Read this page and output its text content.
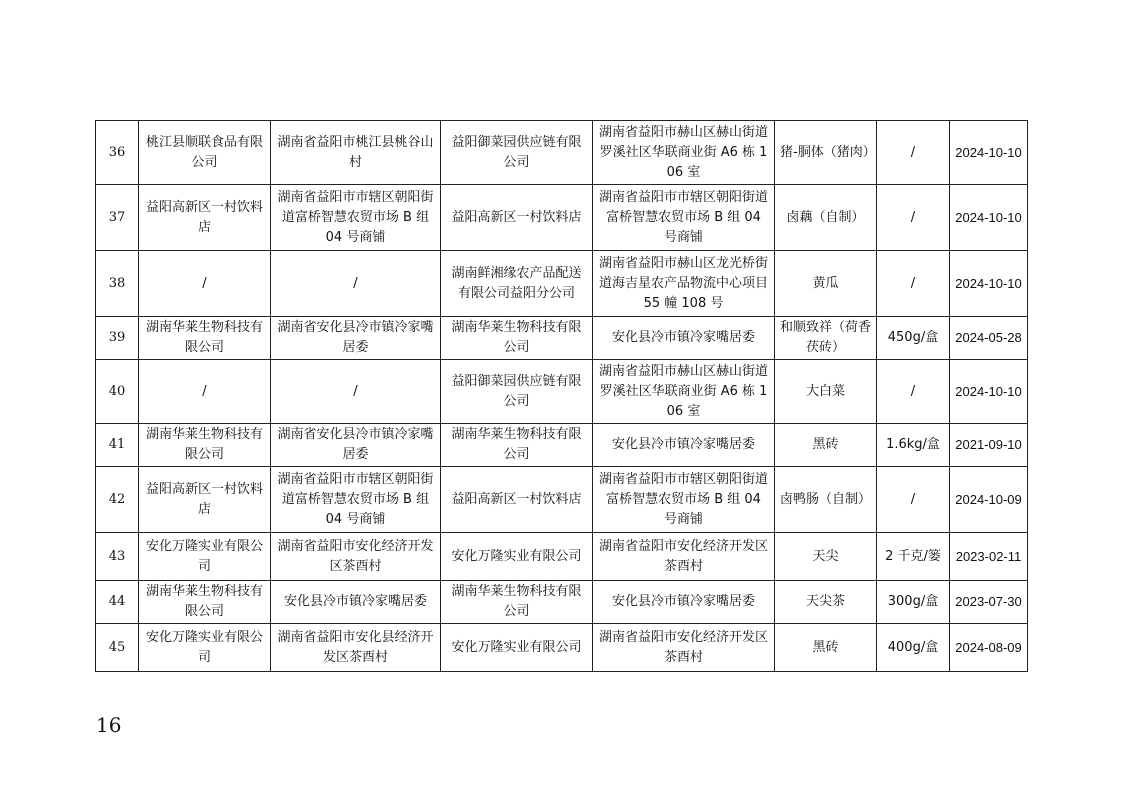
36	桃江县顺联食品有限公司	湖南省益阳市桃江县桃谷山村	益阳御菜园供应链有限公司	湖南省益阳市赫山区赫山街道罗溪社区华联商业街 A6 栋 106 室	猪-胴体（猪肉）	/	2024-10-10
37	益阳高新区一村饮料店	湖南省益阳市市辖区朝阳街道富桥智慧农贸市场 B 组 04 号商铺	益阳高新区一村饮料店	湖南省益阳市市辖区朝阳街道富桥智慧农贸市场 B 组 04 号商铺	卤藕（自制）	/	2024-10-10
38	/	/	湖南鲜湘缘农产品配送有限公司益阳分公司	湖南省益阳市赫山区龙光桥街道海吉星农产品物流中心项目 55 幢 108 号	黄瓜	/	2024-10-10
39	湖南华莱生物科技有限公司	湖南省安化县冷市镇冷家嘴居委	湖南华莱生物科技有限公司	安化县冷市镇冷家嘴居委	和顺致祥（荷香茯砖）	450g/盒	2024-05-28
40	/	/	益阳御菜园供应链有限公司	湖南省益阳市赫山区赫山街道罗溪社区华联商业街 A6 栋 106 室	大白菜	/	2024-10-10
41	湖南华莱生物科技有限公司	湖南省安化县冷市镇冷家嘴居委	湖南华莱生物科技有限公司	安化县冷市镇冷家嘴居委	黑砖	1.6kg/盒	2021-09-10
42	益阳高新区一村饮料店	湖南省益阳市市辖区朝阳街道富桥智慧农贸市场 B 组 04 号商铺	益阳高新区一村饮料店	湖南省益阳市市辖区朝阳街道富桥智慧农贸市场 B 组 04 号商铺	卤鸭肠（自制）	/	2024-10-09
43	安化万隆实业有限公司	湖南省益阳市安化经济开发区茶酉村	安化万隆实业有限公司	湖南省益阳市安化经济开发区茶酉村	天尖	2 千克/篓	2023-02-11
44	湖南华莱生物科技有限公司	安化县冷市镇冷家嘴居委	湖南华莱生物科技有限公司	安化县冷市镇冷家嘴居委	天尖茶	300g/盒	2023-07-30
45	安化万隆实业有限公司	湖南省益阳市安化县经济开发区茶酉村	安化万隆实业有限公司	湖南省益阳市安化经济开发区茶酉村	黑砖	400g/盒	2024-08-09
16
